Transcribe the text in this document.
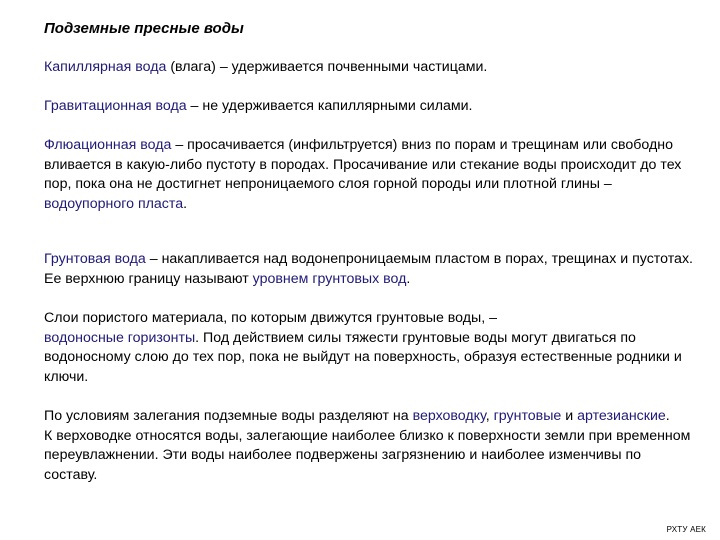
Подземные пресные воды

Капиллярная вода (влага) – удерживается почвенными частицами.

Гравитационная вода – не удерживается капиллярными силами.

Флюационная вода – просачивается (инфильтруется) вниз по порам и трещинам или свободно вливается в какую-либо пустоту в породах. Просачивание или стекание воды происходит до тех пор, пока она не достигнет непроницаемого слоя горной породы или плотной глины –
водоупорного пласта.

Грунтовая вода – накапливается над водонепроницаемым пластом в порах, трещинах и пустотах. Ее верхнюю границу называют уровнем грунтовых вод.

Слои пористого материала, по которым движутся грунтовые воды, –
водоносные горизонты. Под действием силы тяжести грунтовые воды могут двигаться по водоносному слою до тех пор, пока не выйдут на поверхность, образуя естественные родники и ключи.

По условиям залегания подземные воды разделяют на верховодку, грунтовые и артезианские.
К верховодке относятся воды, залегающие наиболее близко к поверхности земли при временном переувлажнении. Эти воды наиболее подвержены загрязнению и наиболее изменчивы по составу.

РХТУ АЕК
